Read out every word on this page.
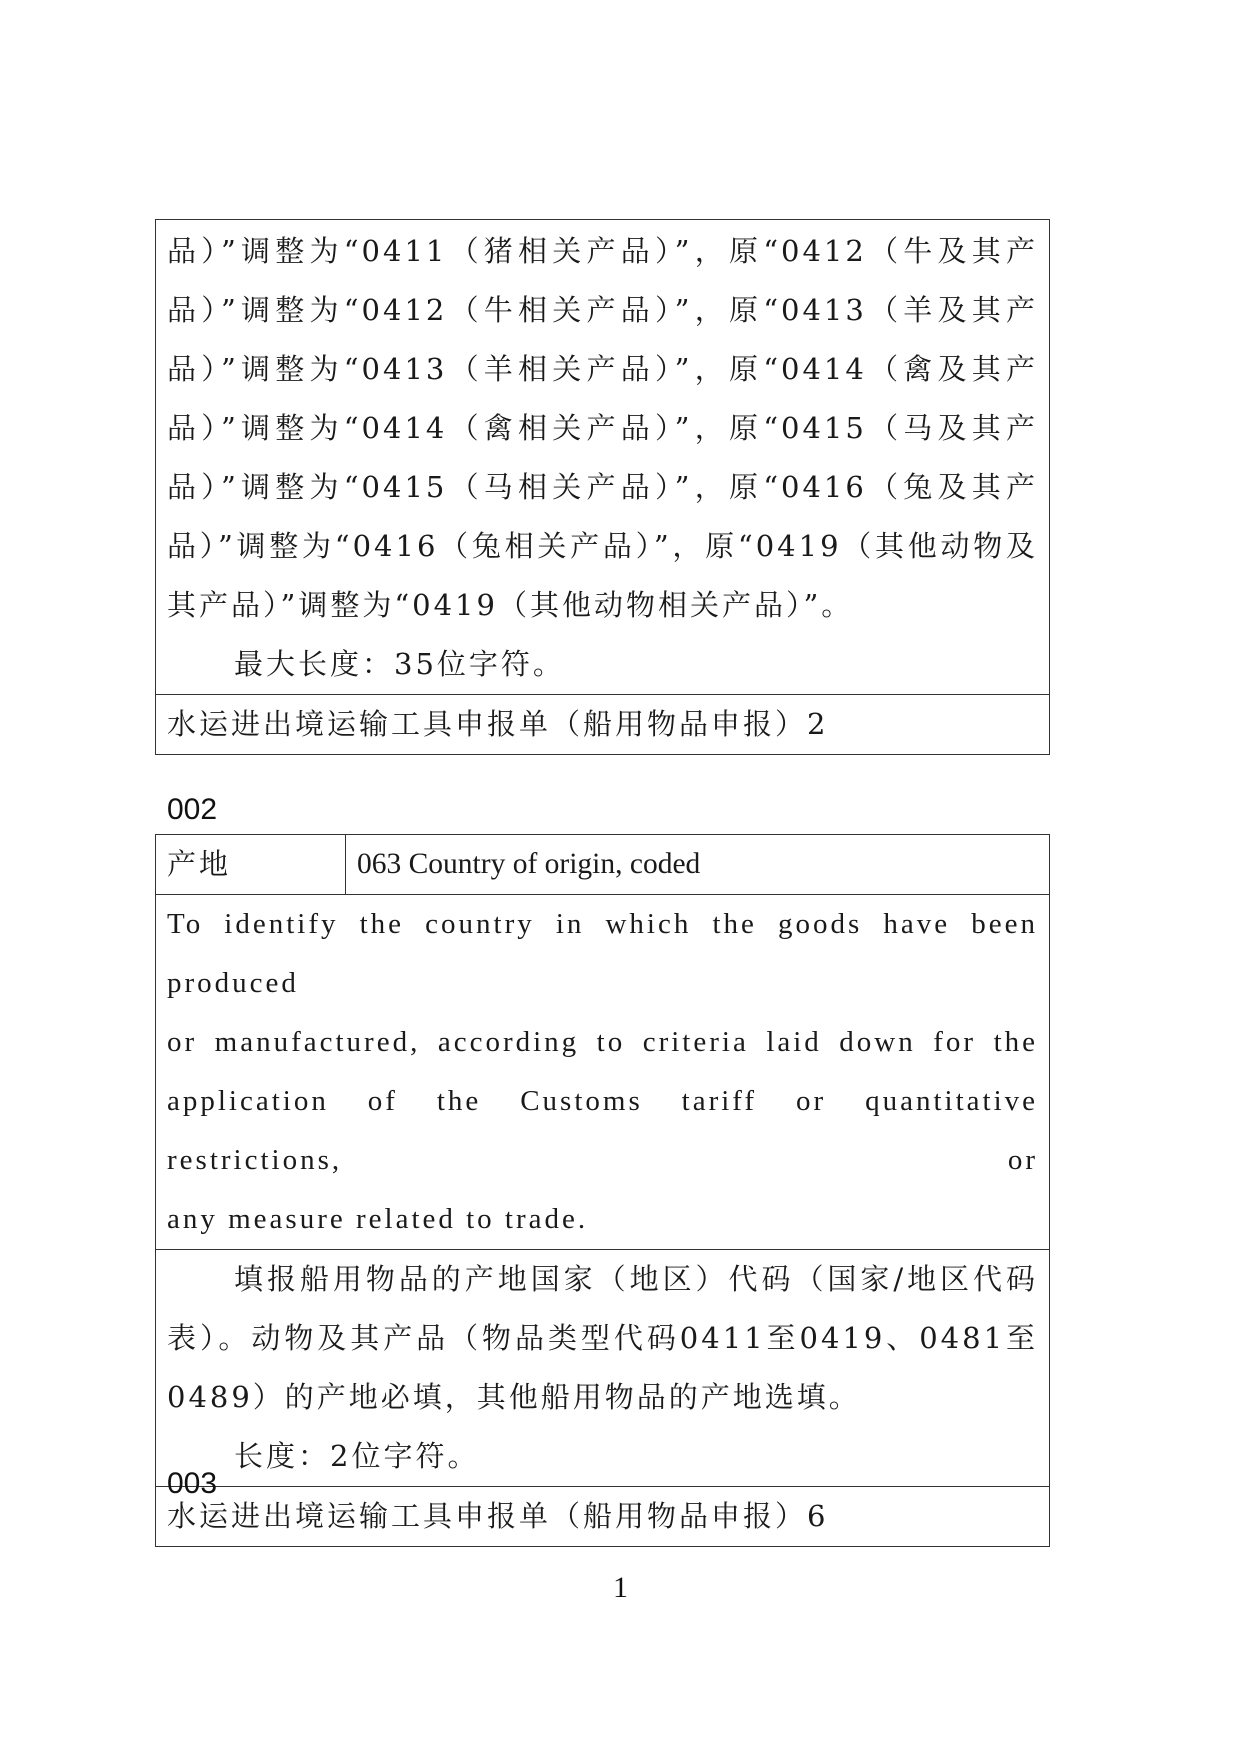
品）”调整为“0411（猪相关产品）”，原“0412（牛及其产
品）”调整为“0412（牛相关产品）”，原“0413（羊及其产
品）”调整为“0413（羊相关产品）”，原“0414（禽及其产
品）”调整为“0414（禽相关产品）”，原“0415（马及其产
品）”调整为“0415（马相关产品）”，原“0416（兔及其产
品）”调整为“0416（兔相关产品）”，原“0419（其他动物及
其产品）”调整为“0419（其他动物相关产品）”。
最大长度：35位字符。

水运进出境运输工具申报单（船用物品申报）2
002
产地	063 Country of origin, coded

To identify the country in which the goods have been produced
or manufactured, according to criteria laid down for the
application of the Customs tariff or quantitative restrictions, or
any measure related to trade.

填报船用物品的产地国家（地区）代码（国家/地区代码
表）。动物及其产品（物品类型代码0411至0419、0481至
0489）的产地必填，其他船用物品的产地选填。
长度：2位字符。

水运进出境运输工具申报单（船用物品申报）6
003
1
